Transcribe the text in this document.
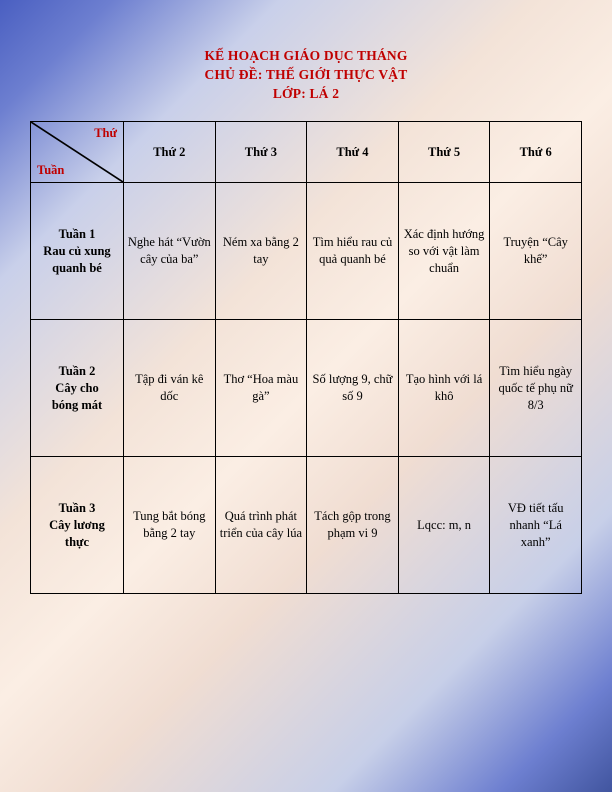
KẾ HOẠCH GIÁO DỤC THÁNG
CHỦ ĐỀ: THẾ GIỚI THỰC VẬT
LỚP: LÁ 2
Thứ
Tuần	Thứ 2	Thứ 3	Thứ 4	Thứ 5	Thứ 6

Tuần 1
Rau củ xung
quanh bé	Nghe hát “Vườn cây của ba”	Ném xa bằng 2 tay	Tìm hiểu rau củ quả quanh bé	Xác định hướng so với vật làm chuẩn	Truyện “Cây khế”

Tuần 2
Cây cho
bóng mát	Tập đi ván kê dốc	Thơ “Hoa màu gà”	Số lượng 9, chữ số 9	Tạo hình với lá khô	Tìm hiểu ngày quốc tế phụ nữ 8/3

Tuần 3
Cây lương
thực	Tung bắt bóng bằng 2 tay	Quá trình phát triển của cây lúa	Tách gộp trong phạm vi 9	Lqcc: m, n	VĐ tiết tấu nhanh “Lá xanh”
